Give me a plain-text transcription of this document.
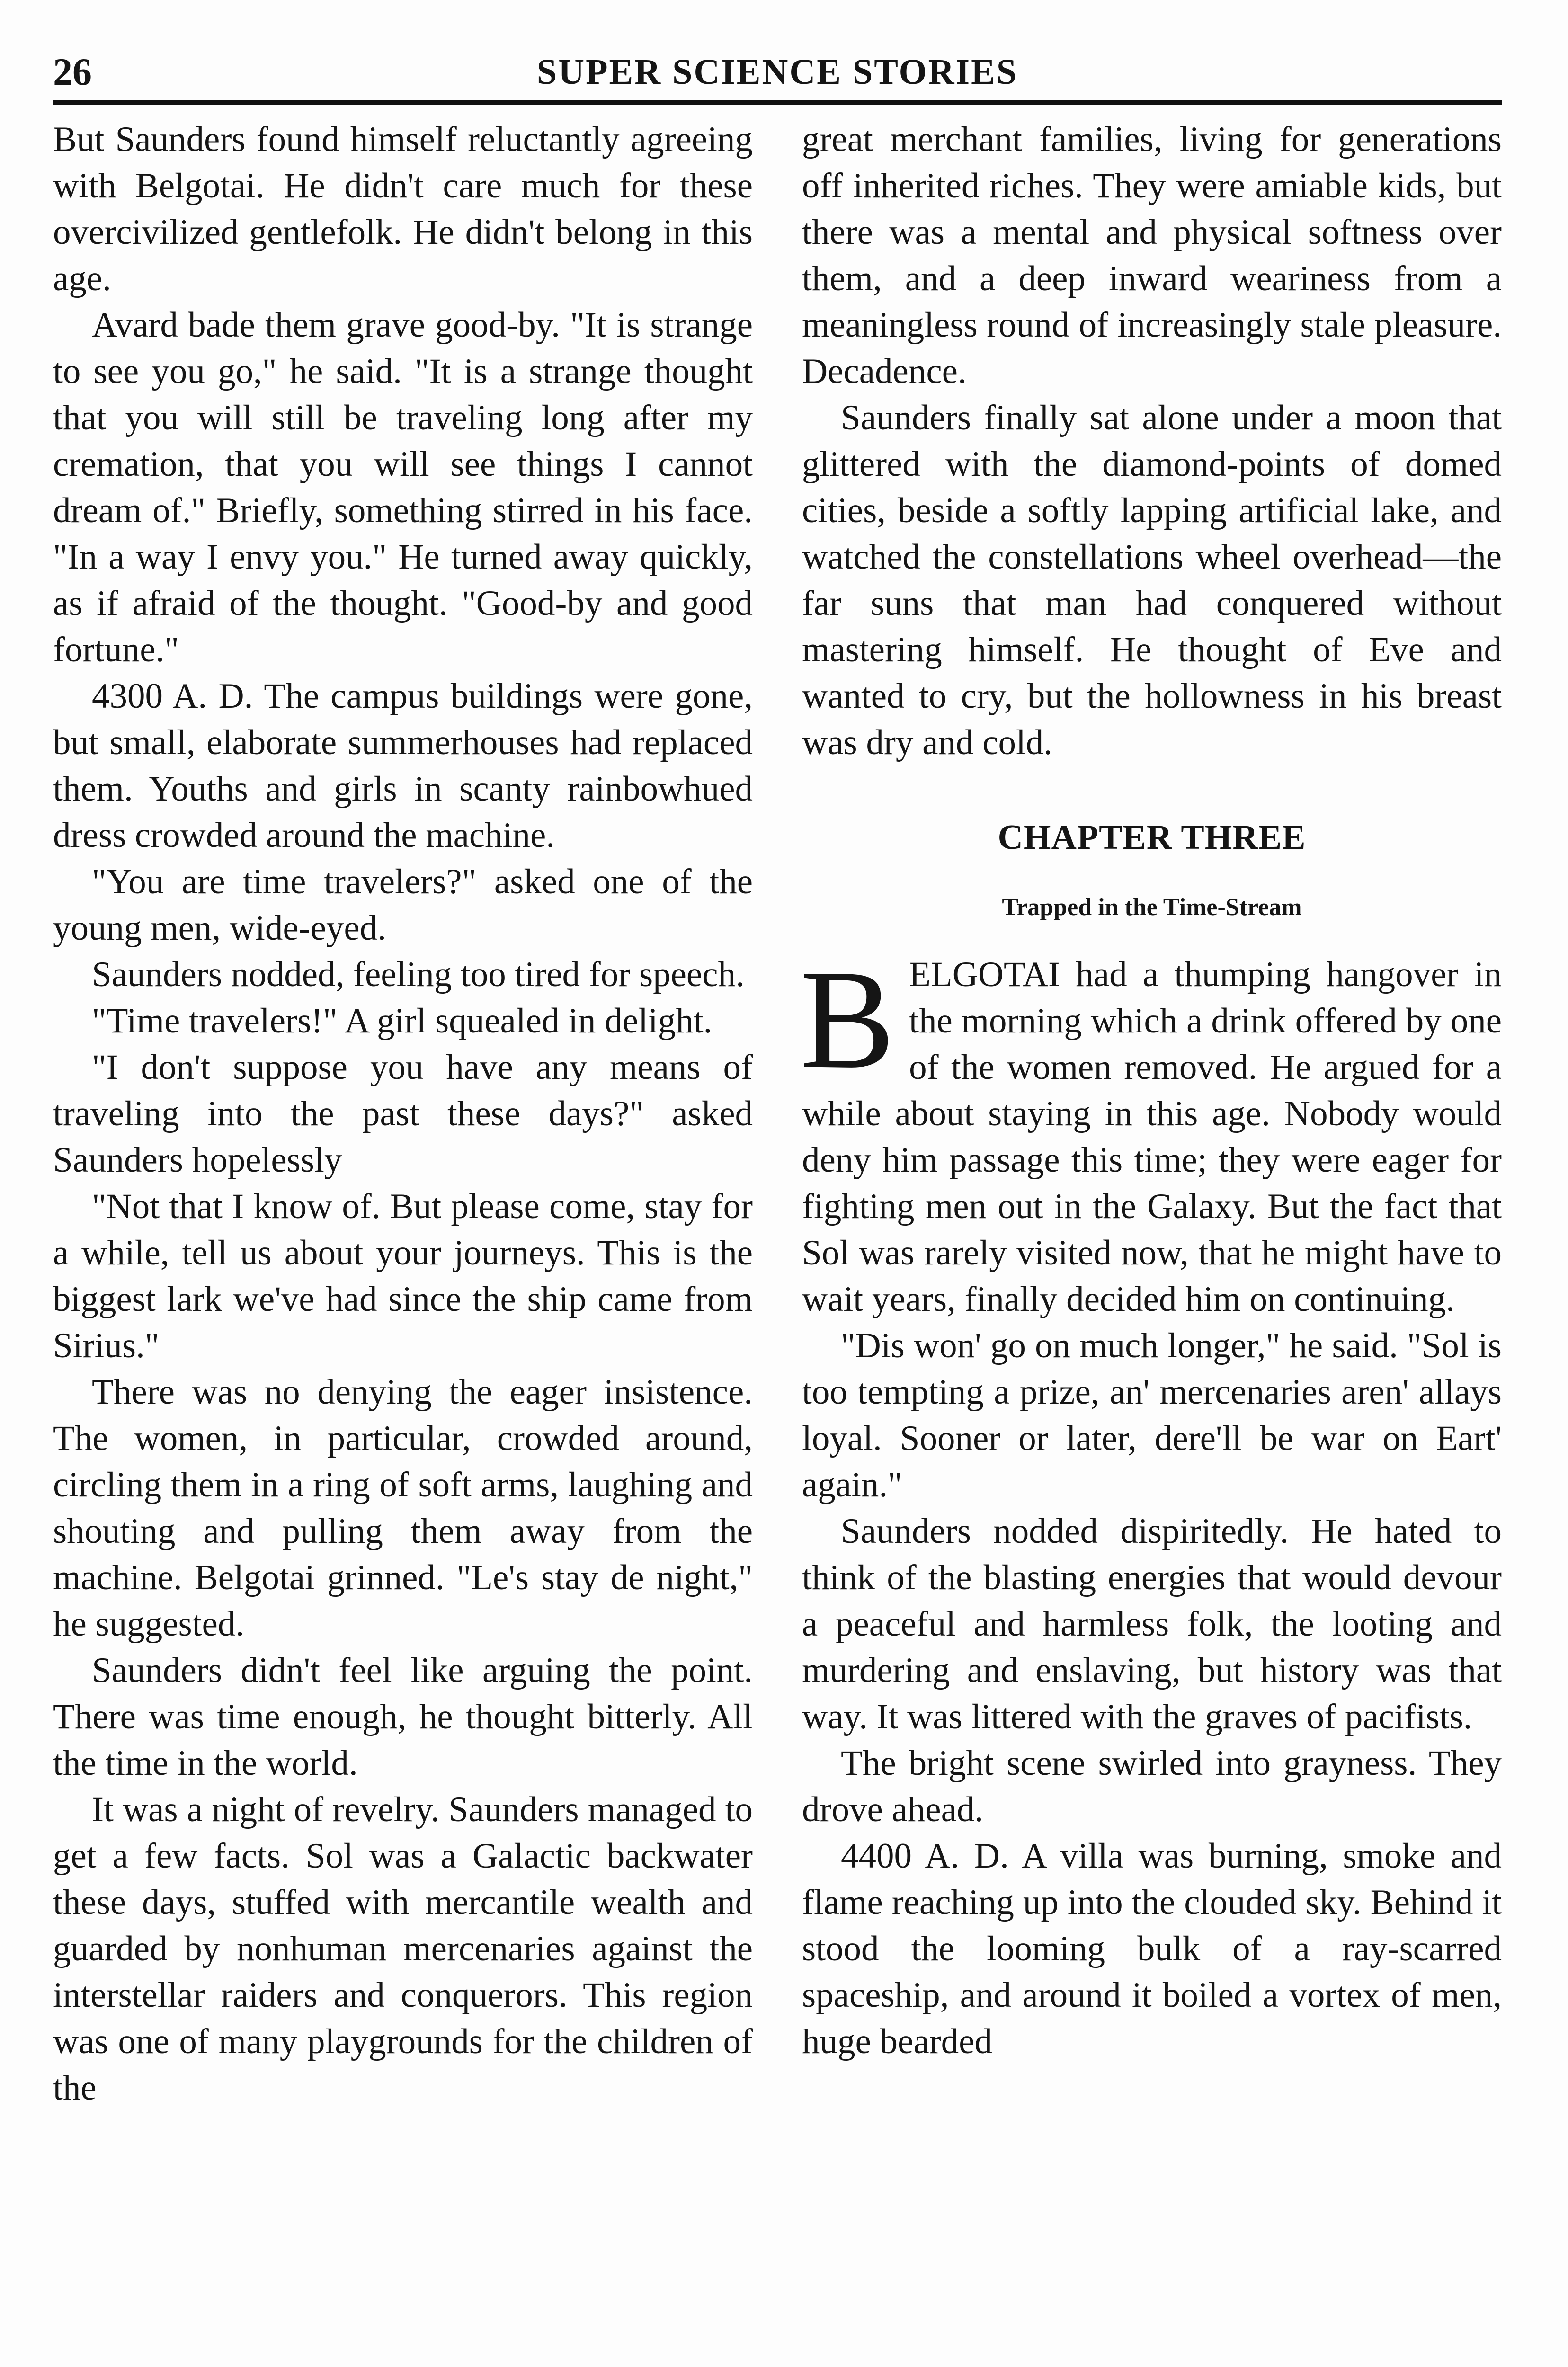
26	SUPER SCIENCE STORIES

But Saunders found himself reluctantly agreeing with Belgotai. He didn't care much for these overcivilized gentlefolk. He didn't belong in this age.

Avard bade them grave good-by. "It is strange to see you go," he said. "It is a strange thought that you will still be traveling long after my cremation, that you will see things I cannot dream of." Briefly, something stirred in his face. "In a way I envy you." He turned away quickly, as if afraid of the thought. "Good-by and good fortune."

4300 A. D. The campus buildings were gone, but small, elaborate summerhouses had replaced them. Youths and girls in scanty rainbowhued dress crowded around the machine.

"You are time travelers?" asked one of the young men, wide-eyed.

Saunders nodded, feeling too tired for speech.

"Time travelers!" A girl squealed in delight.

"I don't suppose you have any means of traveling into the past these days?" asked Saunders hopelessly

"Not that I know of. But please come, stay for a while, tell us about your journeys. This is the biggest lark we've had since the ship came from Sirius."

There was no denying the eager insistence. The women, in particular, crowded around, circling them in a ring of soft arms, laughing and shouting and pulling them away from the machine. Belgotai grinned. "Le's stay de night," he suggested.

Saunders didn't feel like arguing the point. There was time enough, he thought bitterly. All the time in the world.

It was a night of revelry. Saunders managed to get a few facts. Sol was a Galactic backwater these days, stuffed with mercantile wealth and guarded by nonhuman mercenaries against the interstellar raiders and conquerors. This region was one of many playgrounds for the children of the

great merchant families, living for generations off inherited riches. They were amiable kids, but there was a mental and physical softness over them, and a deep inward weariness from a meaningless round of increasingly stale pleasure. Decadence.

Saunders finally sat alone under a moon that glittered with the diamond-points of domed cities, beside a softly lapping artificial lake, and watched the constellations wheel overhead—the far suns that man had conquered without mastering himself. He thought of Eve and wanted to cry, but the hollowness in his breast was dry and cold.

CHAPTER THREE
Trapped in the Time-Stream

BELGOTAI had a thumping hangover in the morning which a drink offered by one of the women removed. He argued for a while about staying in this age. Nobody would deny him passage this time; they were eager for fighting men out in the Galaxy. But the fact that Sol was rarely visited now, that he might have to wait years, finally decided him on continuing.

"Dis won' go on much longer," he said. "Sol is too tempting a prize, an' mercenaries aren' allays loyal. Sooner or later, dere'll be war on Eart' again."

Saunders nodded dispiritedly. He hated to think of the blasting energies that would devour a peaceful and harmless folk, the looting and murdering and enslaving, but history was that way. It was littered with the graves of pacifists.

The bright scene swirled into grayness. They drove ahead.

4400 A. D. A villa was burning, smoke and flame reaching up into the clouded sky. Behind it stood the looming bulk of a ray-scarred spaceship, and around it boiled a vortex of men, huge bearded
